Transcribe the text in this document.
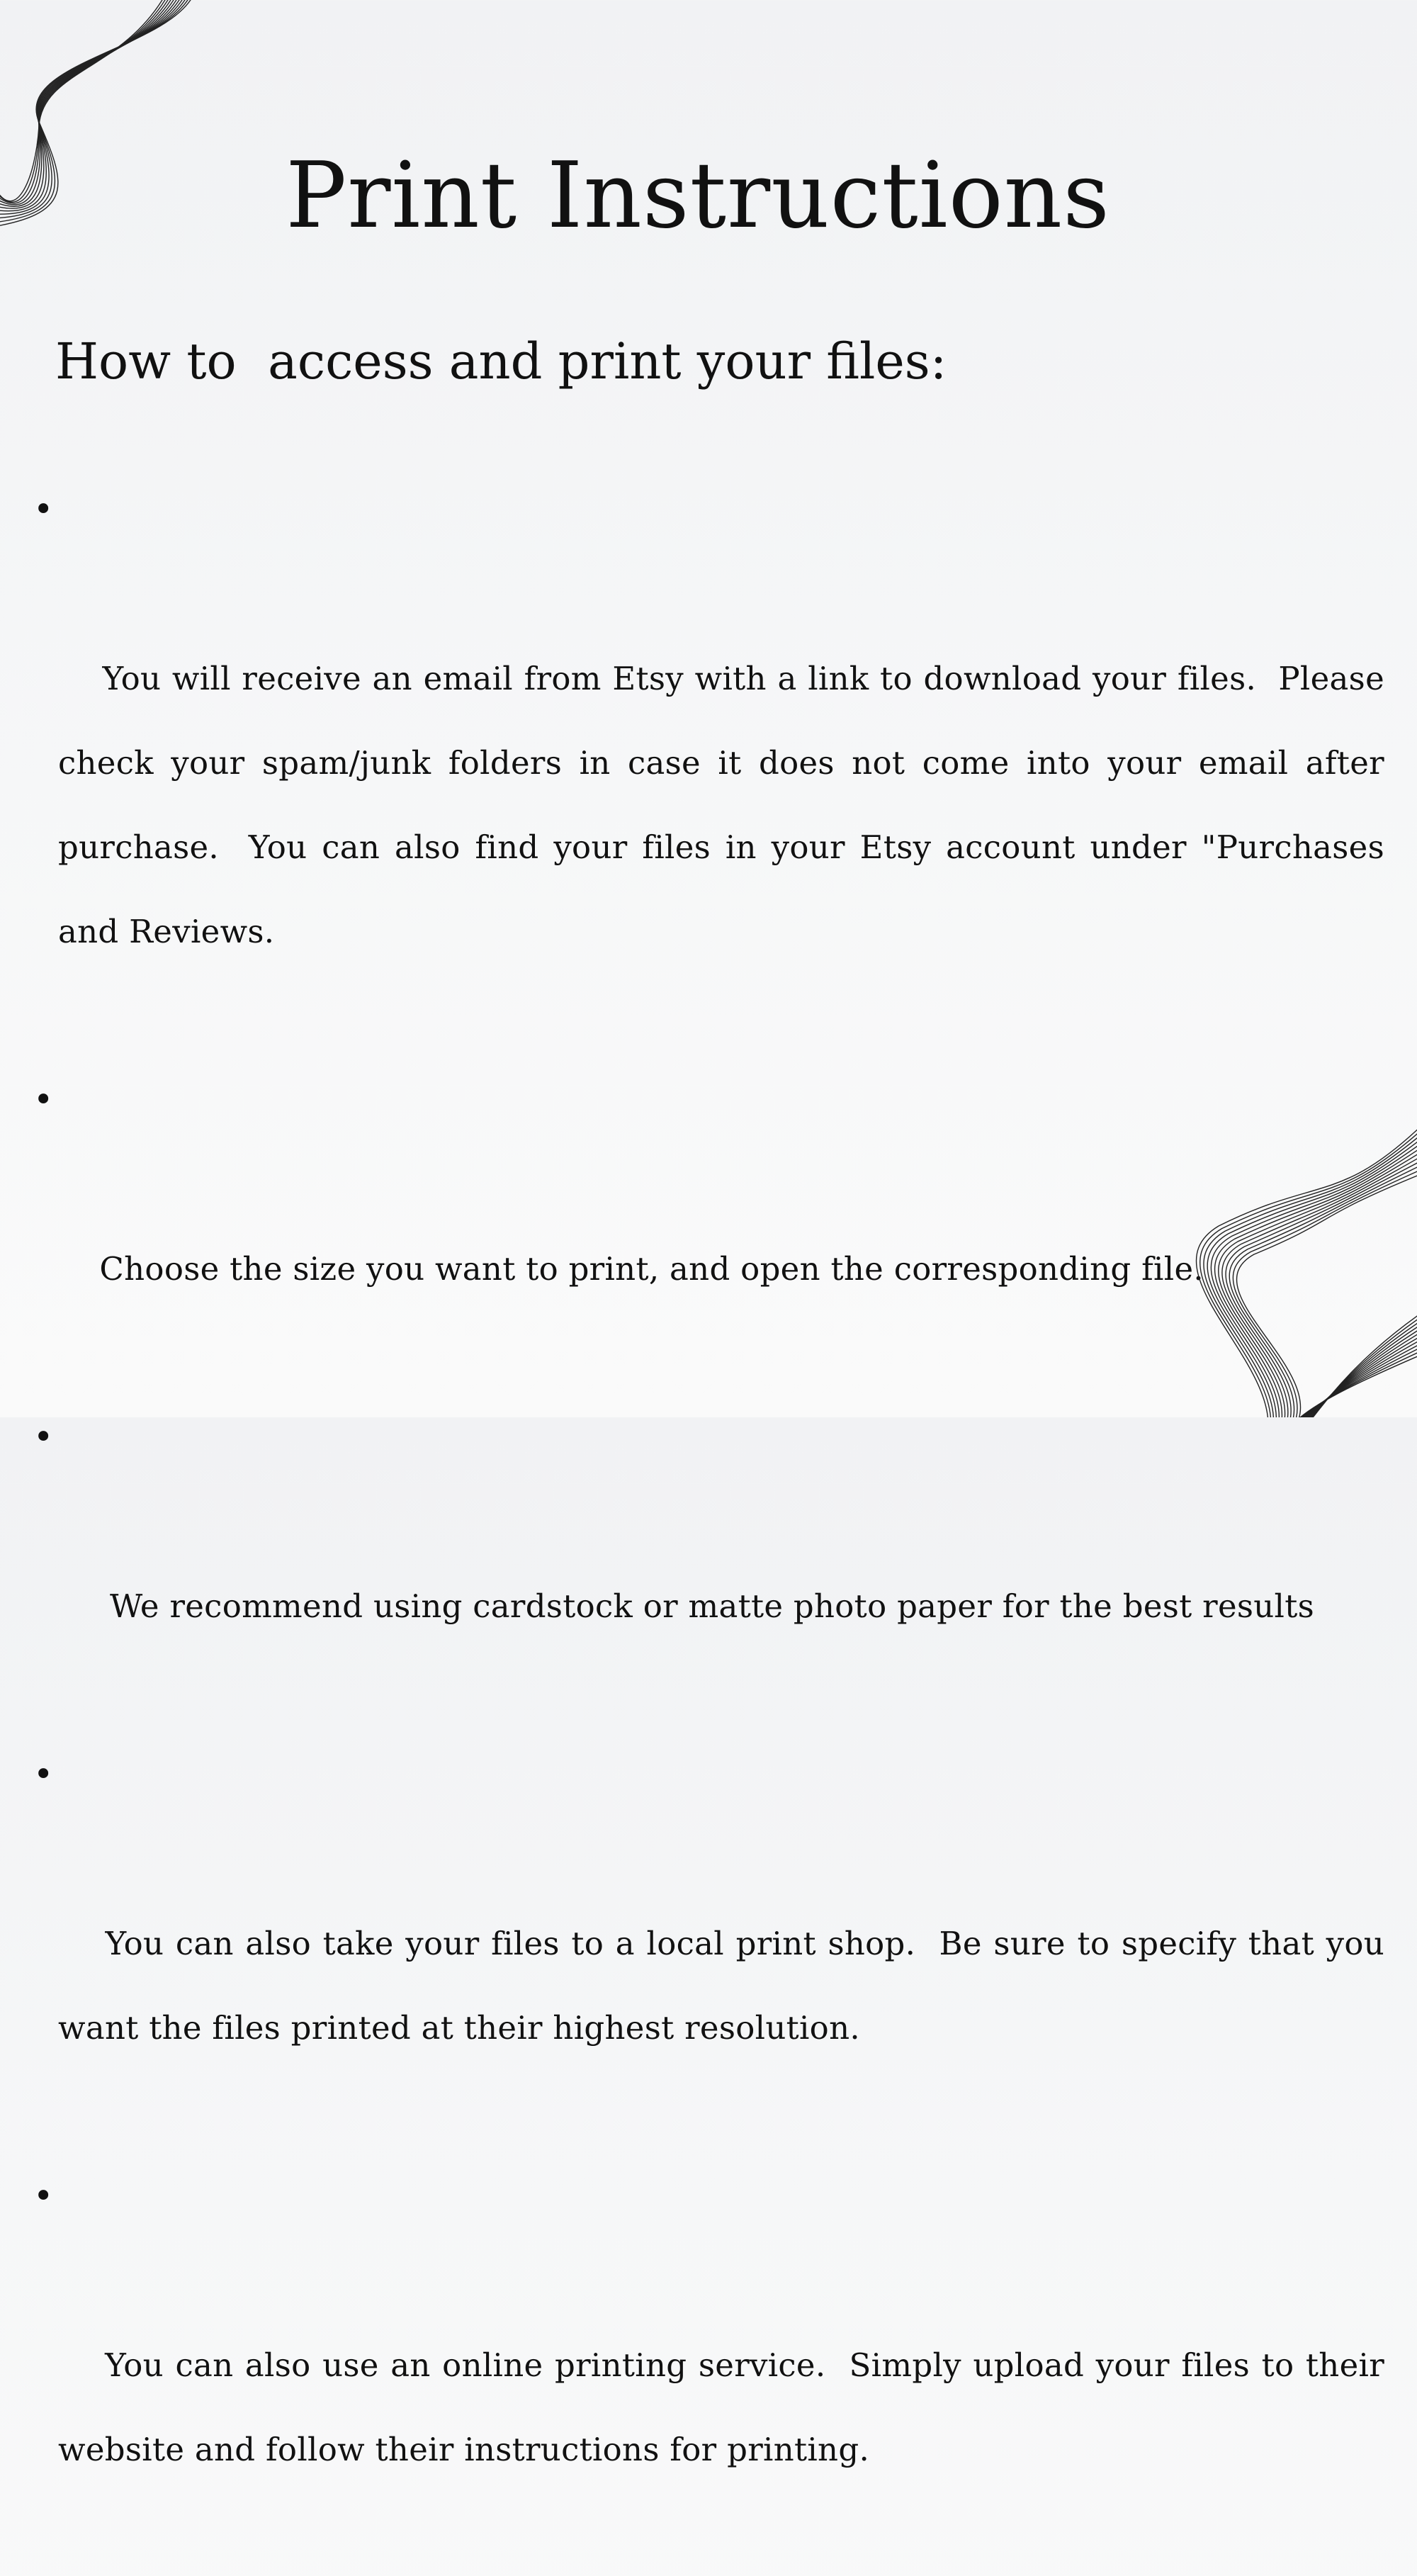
Print Instructions
How to  access and print your files:

•

You will receive an email from Etsy with a link to download your files.  Please check your spam/junk folders in case it does not come into your email after purchase.  You can also find your files in your Etsy account under "Purchases and Reviews.

•

Choose the size you want to print, and open the corresponding file.

•

We recommend using cardstock or matte photo paper for the best results

•

You can also take your files to a local print shop.  Be sure to specify that you want the files printed at their highest resolution.

•

You can also use an online printing service.  Simply upload your files to their website and follow their instructions for printing.
